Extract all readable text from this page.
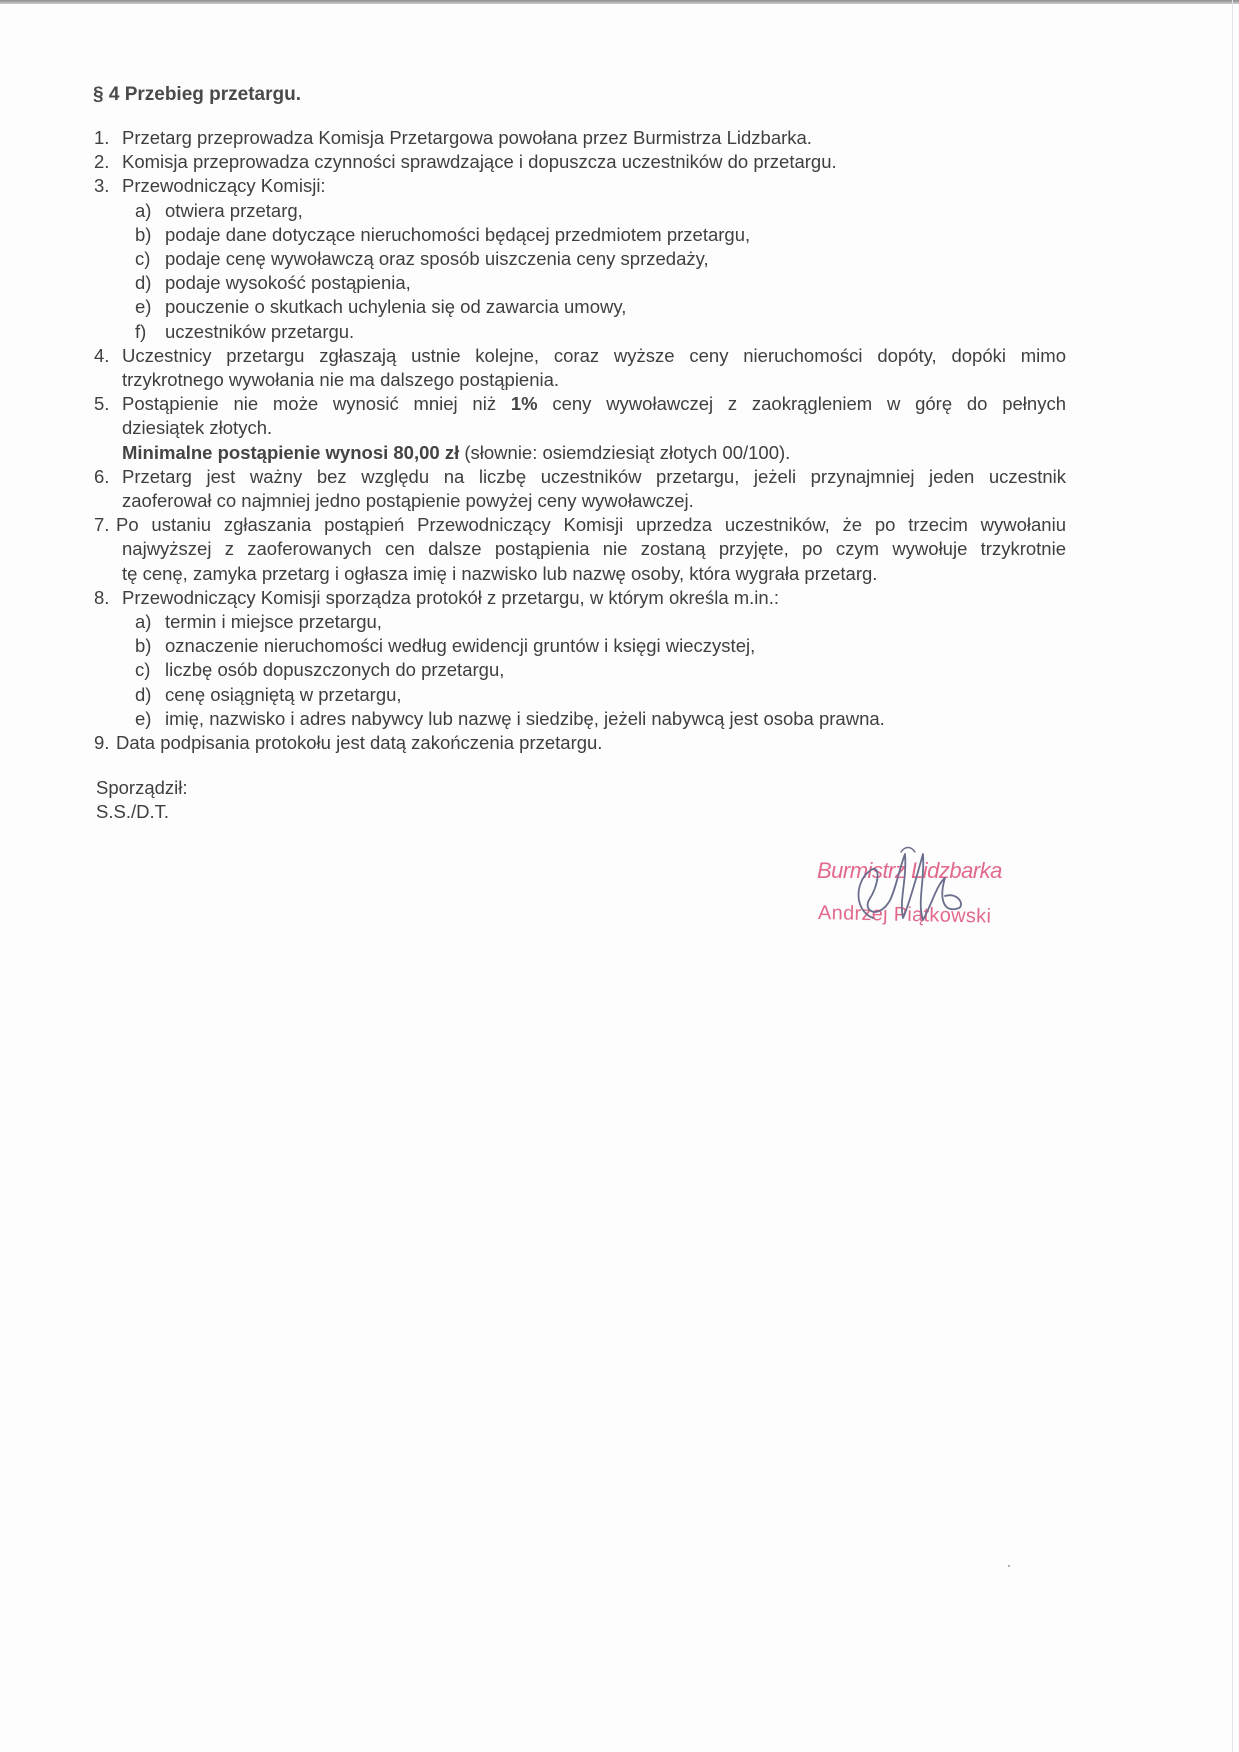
§ 4 Przebieg przetargu.
1. Przetarg przeprowadza Komisja Przetargowa powołana przez Burmistrza Lidzbarka.
2. Komisja przeprowadza czynności sprawdzające i dopuszcza uczestników do przetargu.
3. Przewodniczący Komisji:
a) otwiera przetarg,
b) podaje dane dotyczące nieruchomości będącej przedmiotem przetargu,
c) podaje cenę wywoławczą oraz sposób uiszczenia ceny sprzedaży,
d) podaje wysokość postąpienia,
e) pouczenie o skutkach uchylenia się od zawarcia umowy,
f) uczestników przetargu.
4. Uczestnicy przetargu zgłaszają ustnie kolejne, coraz wyższe ceny nieruchomości dopóty, dopóki mimo
trzykrotnego wywołania nie ma dalszego postąpienia.
5. Postąpienie nie może wynosić mniej niż 1% ceny wywoławczej z zaokrągleniem w górę do pełnych
dziesiątek złotych.
Minimalne postąpienie wynosi 80,00 zł (słownie: osiemdziesiąt złotych 00/100).
6. Przetarg jest ważny bez względu na liczbę uczestników przetargu, jeżeli przynajmniej jeden uczestnik
zaoferował co najmniej jedno postąpienie powyżej ceny wywoławczej.
7. Po ustaniu zgłaszania postąpień Przewodniczący Komisji uprzedza uczestników, że po trzecim wywołaniu
najwyższej z zaoferowanych cen dalsze postąpienia nie zostaną przyjęte, po czym wywołuje trzykrotnie
tę cenę, zamyka przetarg i ogłasza imię i nazwisko lub nazwę osoby, która wygrała przetarg.
8. Przewodniczący Komisji sporządza protokół z przetargu, w którym określa m.in.:
a) termin i miejsce przetargu,
b) oznaczenie nieruchomości według ewidencji gruntów i księgi wieczystej,
c) liczbę osób dopuszczonych do przetargu,
d) cenę osiągniętą w przetargu,
e) imię, nazwisko i adres nabywcy lub nazwę i siedzibę, jeżeli nabywcą jest osoba prawna.
9. Data podpisania protokołu jest datą zakończenia przetargu.
Sporządził:
S.S./D.T.
Burmistrz Lidzbarka
Andrzej Piątkowski
